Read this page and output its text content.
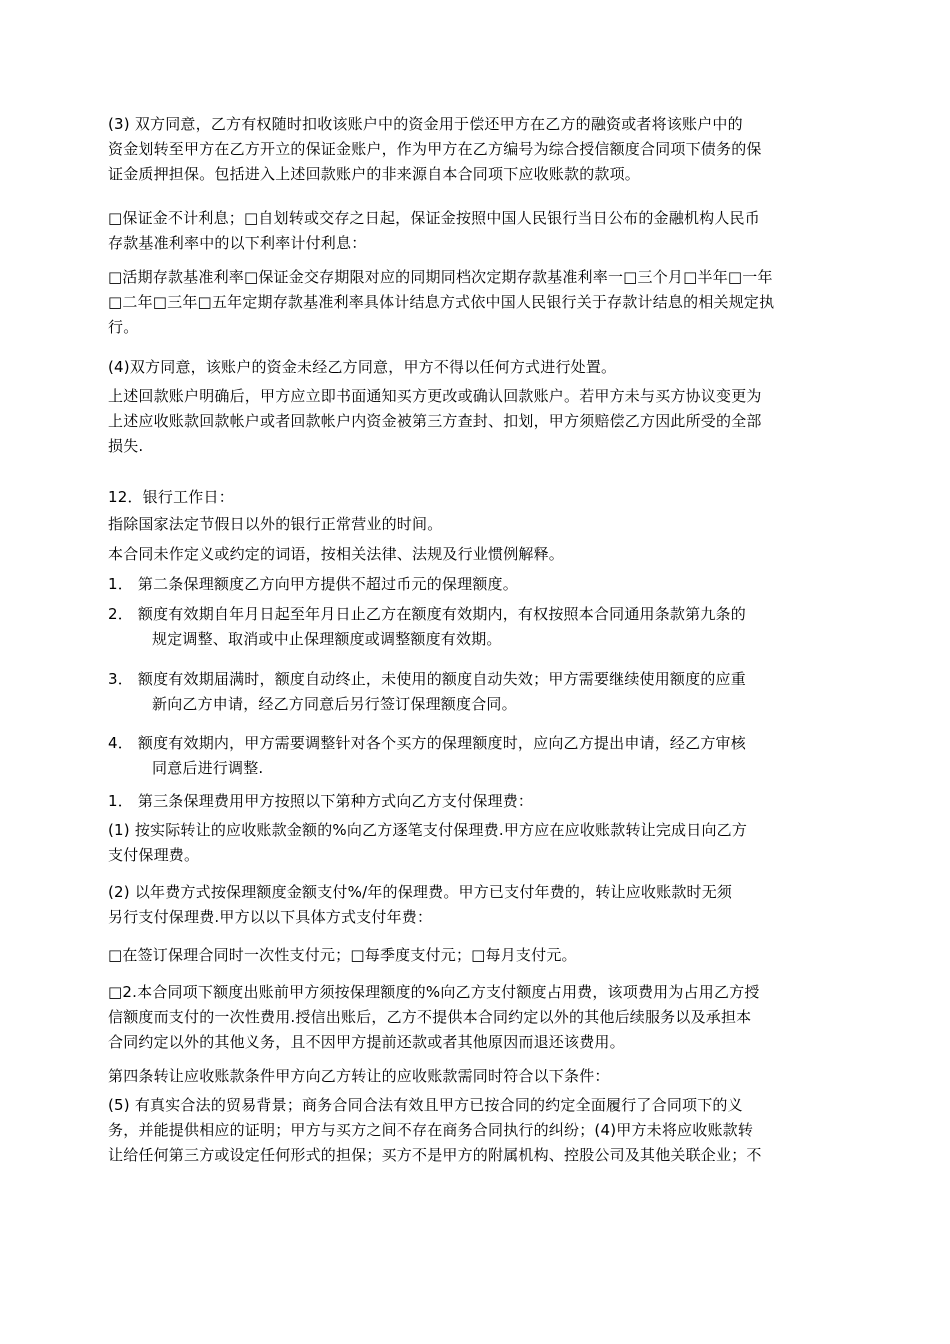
(3) 双方同意，乙方有权随时扣收该账户中的资金用于偿还甲方在乙方的融资或者将该账户中的
资金划转至甲方在乙方开立的保证金账户，作为甲方在乙方编号为综合授信额度合同项下债务的保
证金质押担保。包括进入上述回款账户的非来源自本合同项下应收账款的款项。
□保证金不计利息；□自划转或交存之日起，保证金按照中国人民银行当日公布的金融机构人民币
存款基准利率中的以下利率计付利息：
□活期存款基准利率□保证金交存期限对应的同期同档次定期存款基准利率一□三个月□半年□一年
□二年□三年□五年定期存款基准利率具体计结息方式依中国人民银行关于存款计结息的相关规定执
行。
(4)双方同意，该账户的资金未经乙方同意，甲方不得以任何方式进行处置。
上述回款账户明确后，甲方应立即书面通知买方更改或确认回款账户。若甲方未与买方协议变更为
上述应收账款回款帐户或者回款帐户内资金被第三方查封、扣划，甲方须赔偿乙方因此所受的全部
损失.
12．银行工作日：
指除国家法定节假日以外的银行正常营业的时间。
本合同未作定义或约定的词语，按相关法律、法规及行业惯例解释。
1． 第二条保理额度乙方向甲方提供不超过币元的保理额度。
2． 额度有效期自年月日起至年月日止乙方在额度有效期内，有权按照本合同通用条款第九条的
规定调整、取消或中止保理额度或调整额度有效期。
3． 额度有效期届满时，额度自动终止，未使用的额度自动失效；甲方需要继续使用额度的应重
新向乙方申请，经乙方同意后另行签订保理额度合同。
4． 额度有效期内，甲方需要调整针对各个买方的保理额度时，应向乙方提出申请，经乙方审核
同意后进行调整.
1． 第三条保理费用甲方按照以下第种方式向乙方支付保理费：
(1) 按实际转让的应收账款金额的%向乙方逐笔支付保理费.甲方应在应收账款转让完成日向乙方
支付保理费。
(2) 以年费方式按保理额度金额支付%/年的保理费。甲方已支付年费的，转让应收账款时无须
另行支付保理费.甲方以以下具体方式支付年费：
□在签订保理合同时一次性支付元；□每季度支付元；□每月支付元。
□2.本合同项下额度出账前甲方须按保理额度的%向乙方支付额度占用费，该项费用为占用乙方授
信额度而支付的一次性费用.授信出账后，乙方不提供本合同约定以外的其他后续服务以及承担本
合同约定以外的其他义务，且不因甲方提前还款或者其他原因而退还该费用。
第四条转让应收账款条件甲方向乙方转让的应收账款需同时符合以下条件：
(5) 有真实合法的贸易背景；商务合同合法有效且甲方已按合同的约定全面履行了合同项下的义
务，并能提供相应的证明；甲方与买方之间不存在商务合同执行的纠纷；(4)甲方未将应收账款转
让给任何第三方或设定任何形式的担保；买方不是甲方的附属机构、控股公司及其他关联企业；不
